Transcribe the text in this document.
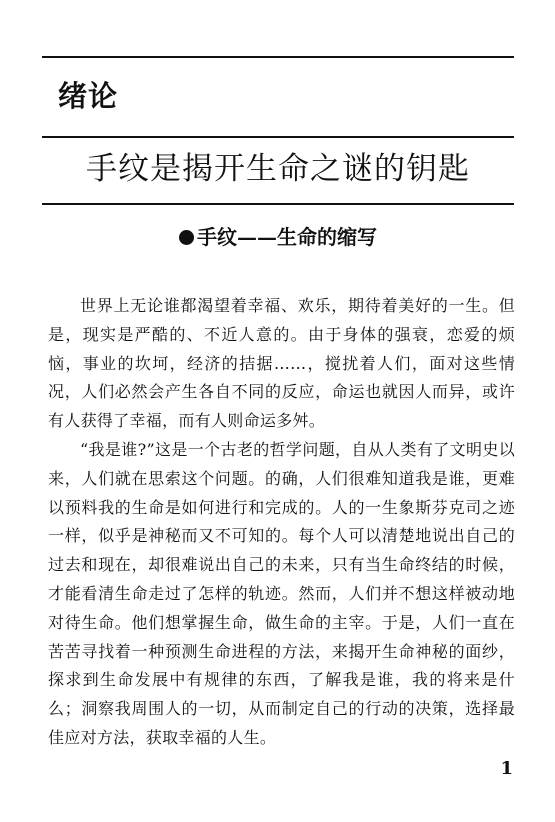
绪论
手纹是揭开生命之谜的钥匙
手纹——生命的缩写

世界上无论谁都渴望着幸福、欢乐，期待着美好的一生。但是，现实是严酷的、不近人意的。由于身体的强衰，恋爱的烦恼，事业的坎坷，经济的拮据……，搅扰着人们，面对这些情况，人们必然会产生各自不同的反应，命运也就因人而异，或许有人获得了幸福，而有人则命运多舛。

“我是谁?”这是一个古老的哲学问题，自从人类有了文明史以来，人们就在思索这个问题。的确，人们很难知道我是谁，更难以预料我的生命是如何进行和完成的。人的一生象斯芬克司之迹一样，似乎是神秘而又不可知的。每个人可以清楚地说出自己的过去和现在，却很难说出自己的未来，只有当生命终结的时候，才能看清生命走过了怎样的轨迹。然而，人们并不想这样被动地对待生命。他们想掌握生命，做生命的主宰。于是，人们一直在苦苦寻找着一种预测生命进程的方法，来揭开生命神秘的面纱，探求到生命发展中有规律的东西，了解我是谁，我的将来是什么；洞察我周围人的一切，从而制定自己的行动的决策，选择最佳应对方法，获取幸福的人生。

1
